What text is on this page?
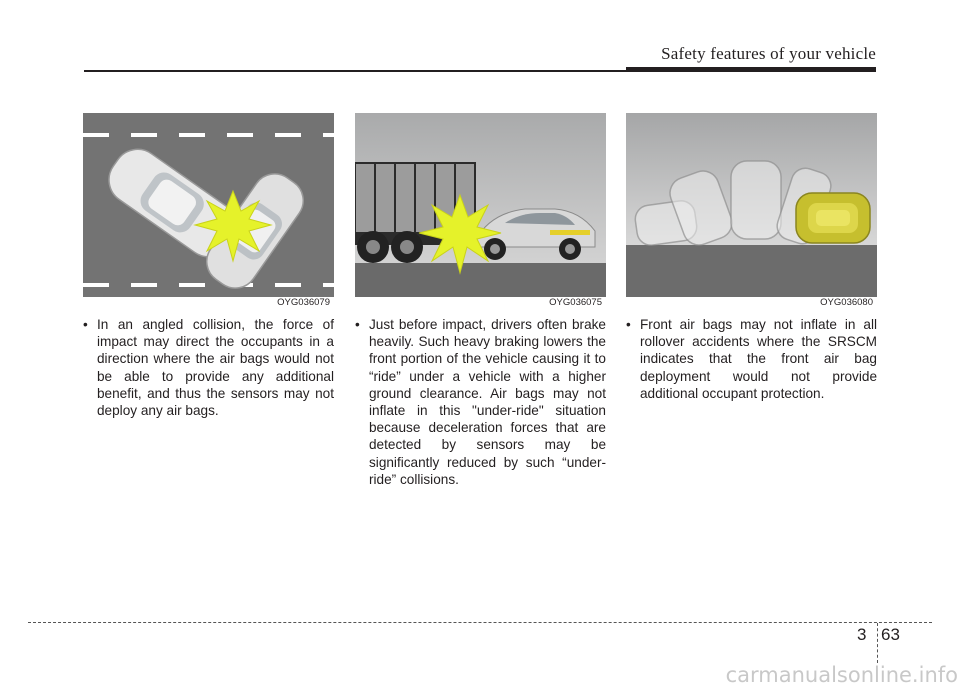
Safety features of your vehicle
OYG036079
• In an angled collision, the force of impact may direct the occupants in a direction where the air bags would not be able to provide any additional benefit, and thus the sensors may not deploy any air bags.
OYG036075
• Just before impact, drivers often brake heavily. Such heavy braking lowers the front portion of the vehicle causing it to “ride” under a vehicle with a higher ground clearance. Air bags may not inflate in this "under-ride" situation because deceleration forces that are detected by sensors may be significantly reduced by such “under-ride” collisions.
OYG036080
• Front air bags may not inflate in all rollover accidents where the SRSCM indicates that the front air bag deployment would not provide additional occupant protection.
3 63
carmanualsonline.info
